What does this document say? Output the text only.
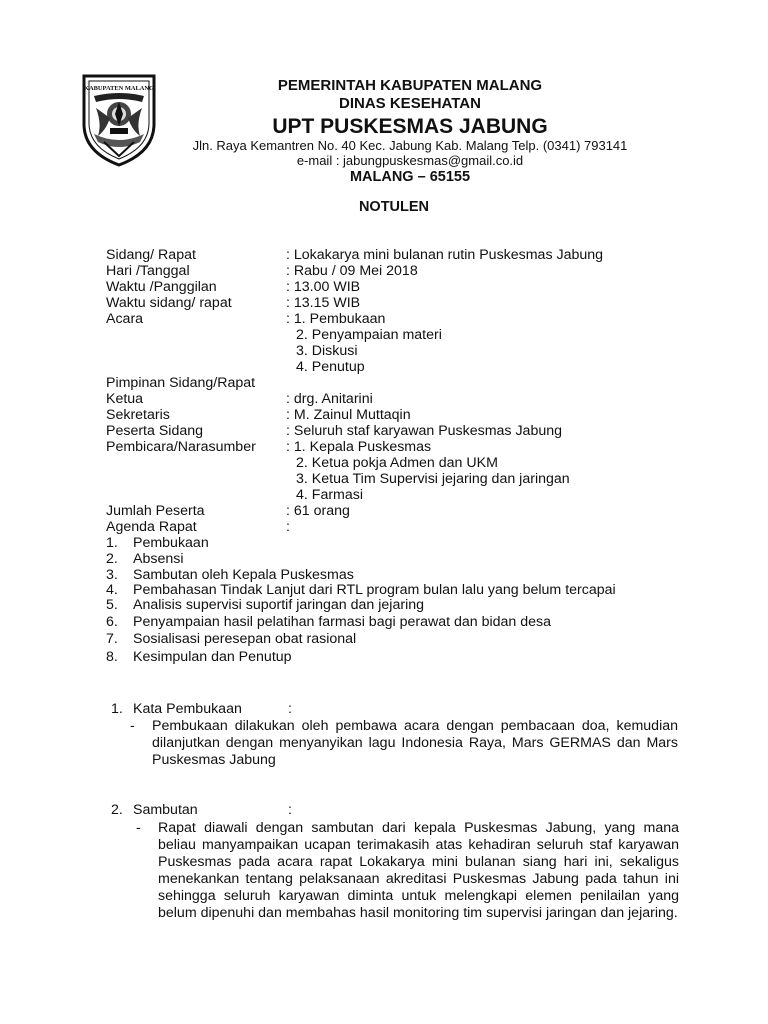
KABUPATEN MALANG	PEMERINTAH KABUPATEN MALANG
DINAS KESEHATAN
UPT PUSKESMAS JABUNG
Jln. Raya Kemantren No. 40 Kec. Jabung Kab. Malang Telp. (0341) 793141
e-mail : jabungpuskesmas@gmail.co.id
MALANG – 65155
NOTULEN
Sidang/ Rapat	: Lokakarya mini bulanan rutin Puskesmas Jabung
Hari /Tanggal	: Rabu / 09 Mei 2018
Waktu /Panggilan	: 13.00 WIB
Waktu sidang/ rapat	: 13.15 WIB
Acara	: 1. Pembukaan
2. Penyampaian materi
3. Diskusi
4. Penutup
Pimpinan Sidang/Rapat
Ketua	: drg. Anitarini
Sekretaris	: M. Zainul Muttaqin
Peserta Sidang	: Seluruh staf karyawan Puskesmas Jabung
Pembicara/Narasumber : 1. Kepala Puskesmas
2. Ketua pokja Admen dan UKM
3. Ketua Tim Supervisi jejaring dan jaringan
4. Farmasi
Jumlah Peserta	: 61 orang
Agenda Rapat	:
1. Pembukaan
2. Absensi
3. Sambutan oleh Kepala Puskesmas
4. Pembahasan Tindak Lanjut dari RTL program bulan lalu yang belum tercapai
5. Analisis supervisi suportif jaringan dan jejaring
6. Penyampaian hasil pelatihan farmasi bagi perawat dan bidan desa
7. Sosialisasi peresepan obat rasional
8. Kesimpulan dan Penutup
1. Kata Pembukaan	:
- Pembukaan dilakukan oleh pembawa acara dengan pembacaan doa, kemudian dilanjutkan dengan menyanyikan lagu Indonesia Raya, Mars GERMAS dan Mars Puskesmas Jabung
2. Sambutan	:
- Rapat diawali dengan sambutan dari kepala Puskesmas Jabung, yang mana beliau manyampaikan ucapan terimakasih atas kehadiran seluruh staf karyawan Puskesmas pada acara rapat Lokakarya mini bulanan siang hari ini, sekaligus menekankan tentang pelaksanaan akreditasi Puskesmas Jabung pada tahun ini sehingga seluruh karyawan diminta untuk melengkapi elemen penilailan yang belum dipenuhi dan membahas hasil monitoring tim supervisi jaringan dan jejaring.
